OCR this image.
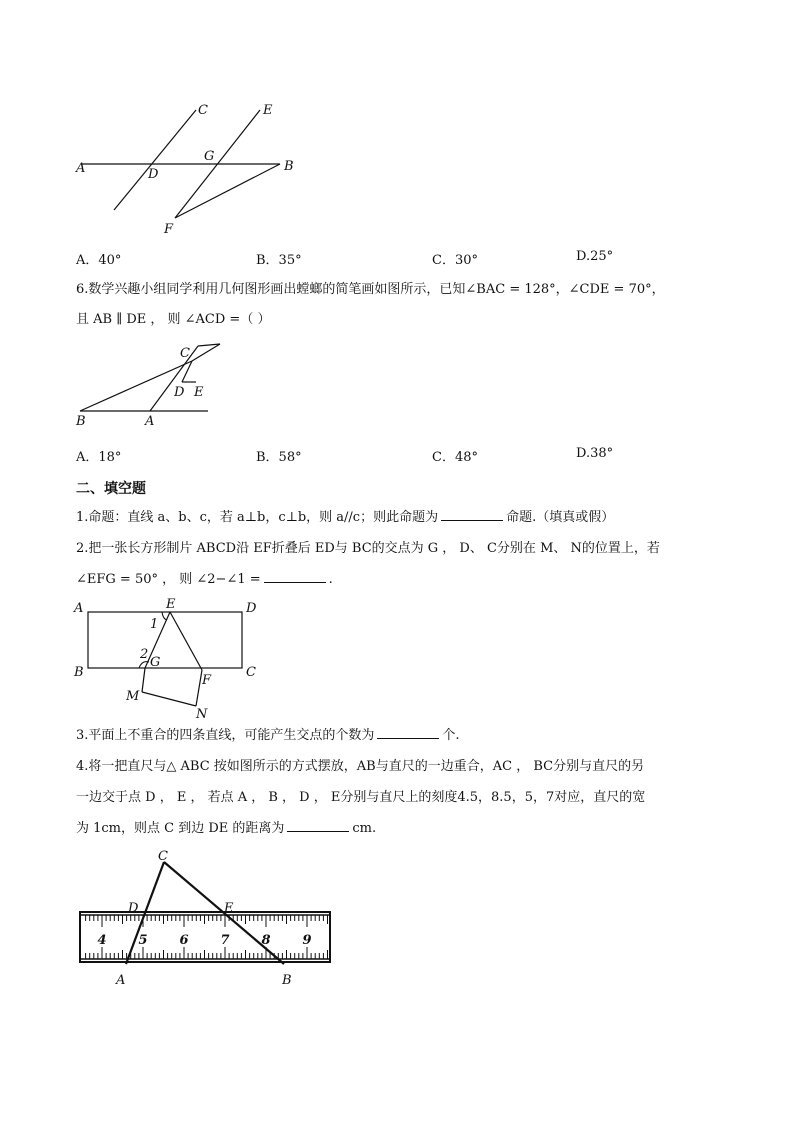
A	B
C
D
E
F
G
A．40°	B．35°	C．30°	D.25°
6.数学兴趣小组同学利用几何图形画出螳螂的简笔画如图所示，已知∠BAC = 128°，∠CDE = 70°，
且 AB ∥ DE ， 则 ∠ACD =（ ）
B	A
C
D E
A．18°	B．58°	C．48°	D.38°
二、填空题
1.命题：直线 a、b、c，若 a⊥b，c⊥b，则 a//c；则此命题为	命题.（填真或假）
2.把一张长方形制片 ABCD沿 EF折叠后 ED与 BC的交点为 G ， D、 C分别在 M、 N的位置上，若
∠EFG = 50° ， 则 ∠2−∠1 =	.
A	D
B	C
E
F
G
M
N
1
2
3.平面上不重合的四条直线，可能产生交点的个数为	个.
4.将一把直尺与△ ABC 按如图所示的方式摆放，AB与直尺的一边重合，AC ， BC分别与直尺的另
一边交于点 D ， E ， 若点 A ， B ， D ， E分别与直尺上的刻度4.5，8.5，5，7对应，直尺的宽
为 1cm，则点 C 到边 DE 的距离为	cm.
4 5 6 7 8 9
C
D	E
A	B
